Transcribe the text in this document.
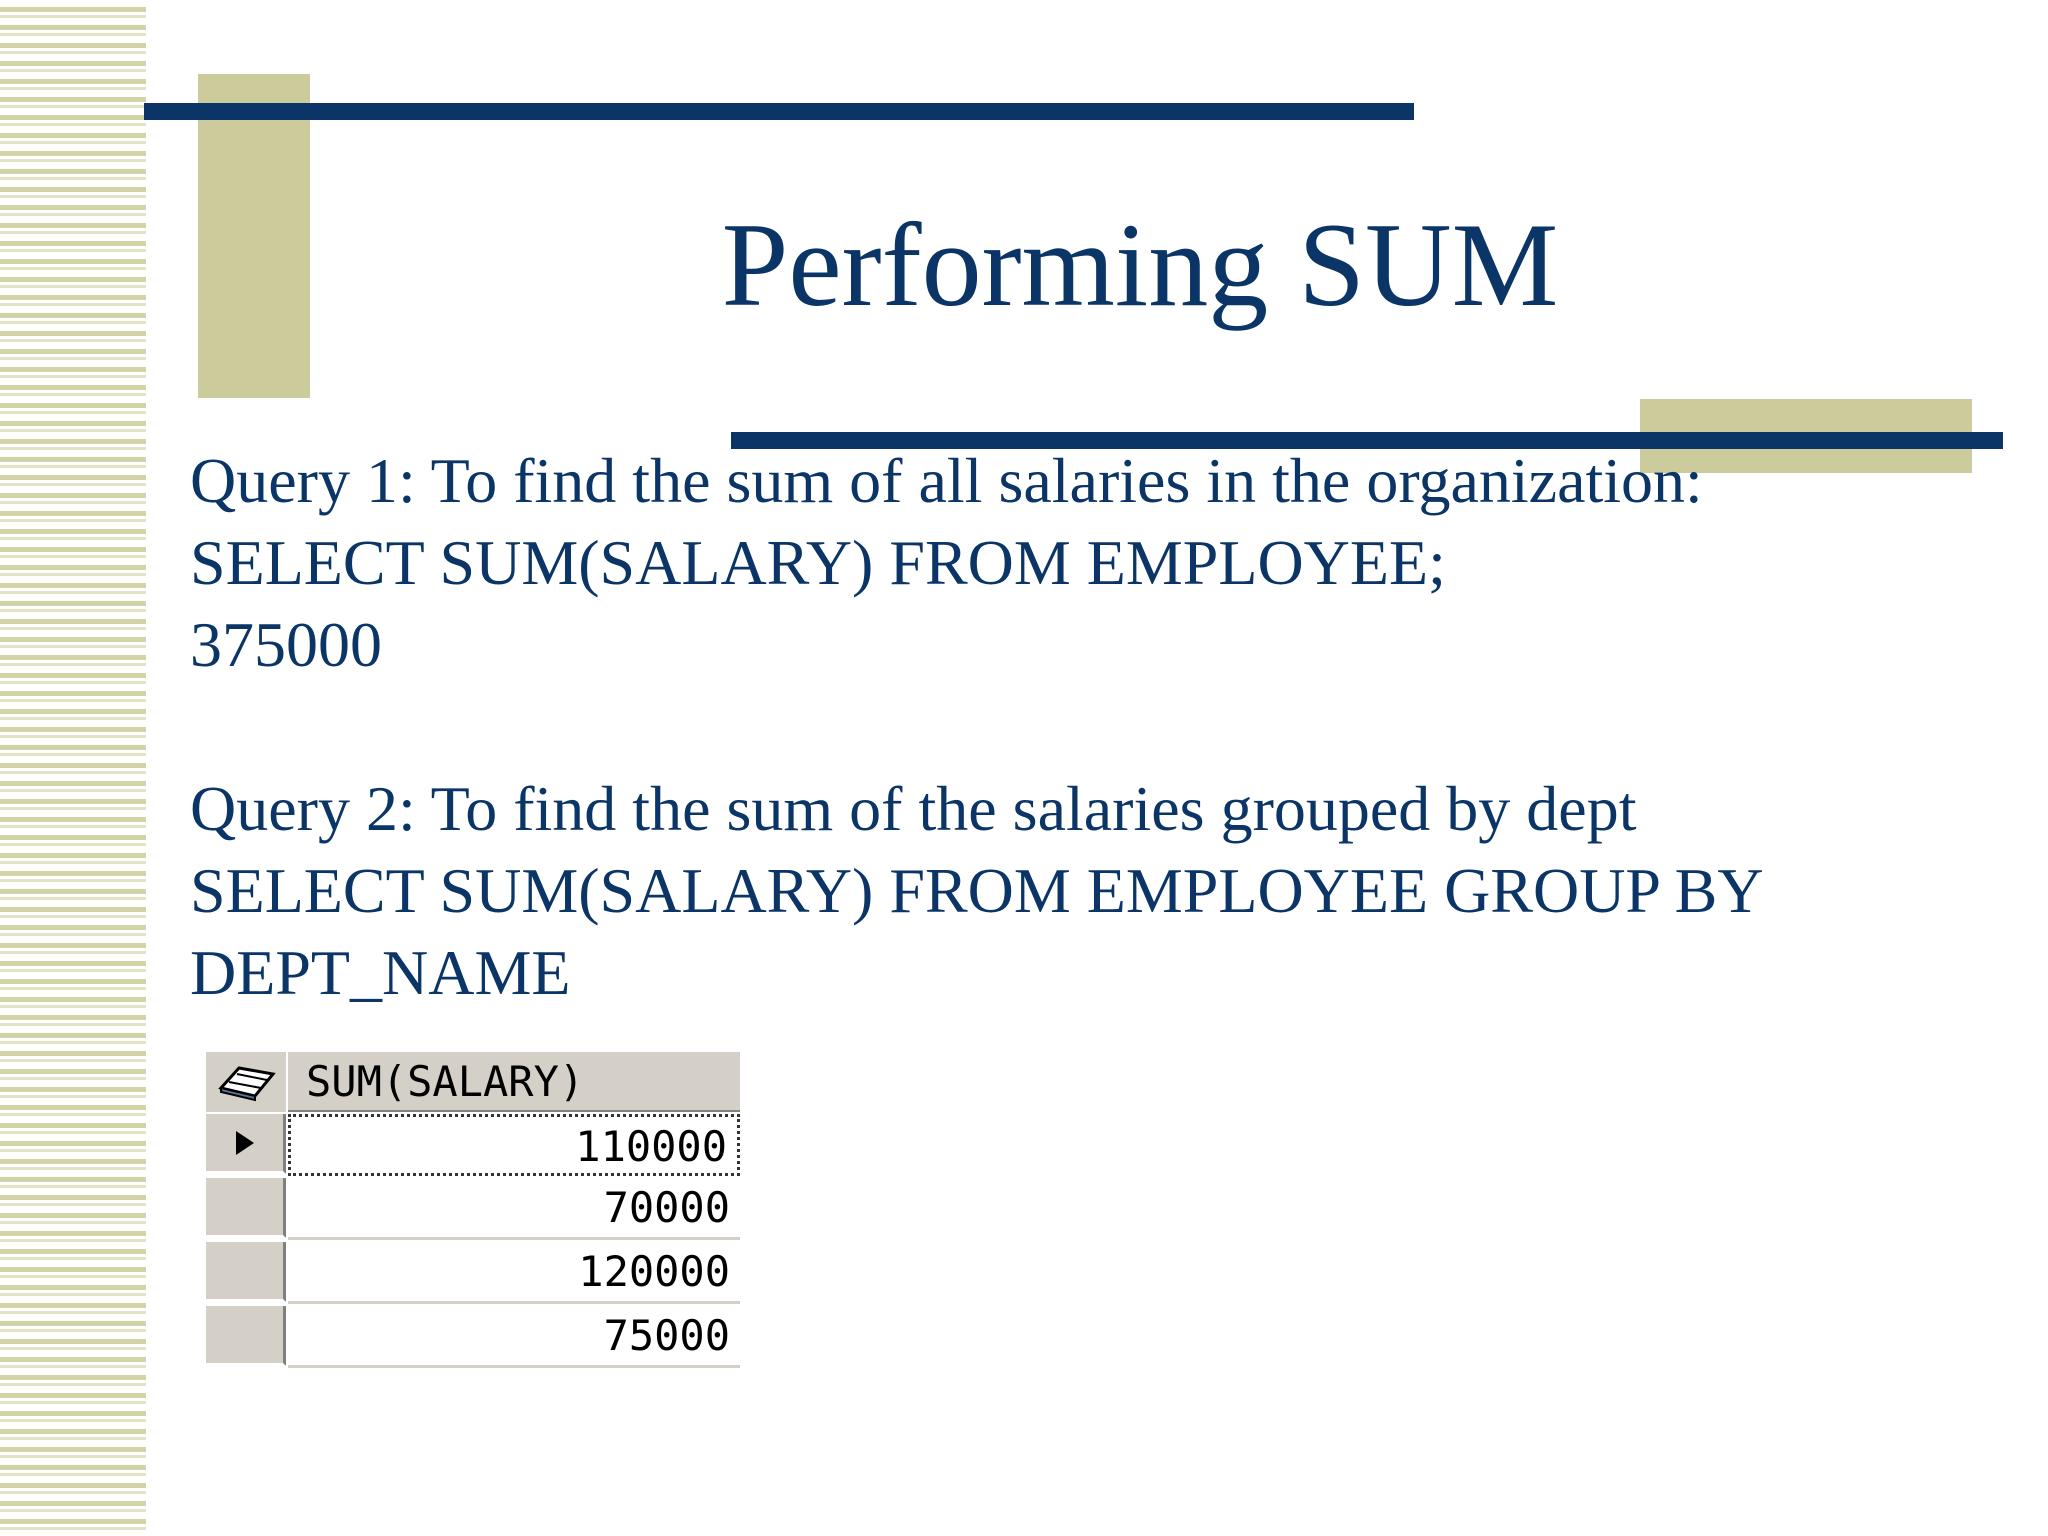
Performing SUM
Query 1: To find the sum of all salaries in the organization:
SELECT SUM(SALARY) FROM EMPLOYEE;
375000
Query 2: To find the sum of the salaries grouped by dept
SELECT SUM(SALARY) FROM EMPLOYEE GROUP BY
DEPT_NAME
SUM(SALARY)
110000
70000
120000
75000
